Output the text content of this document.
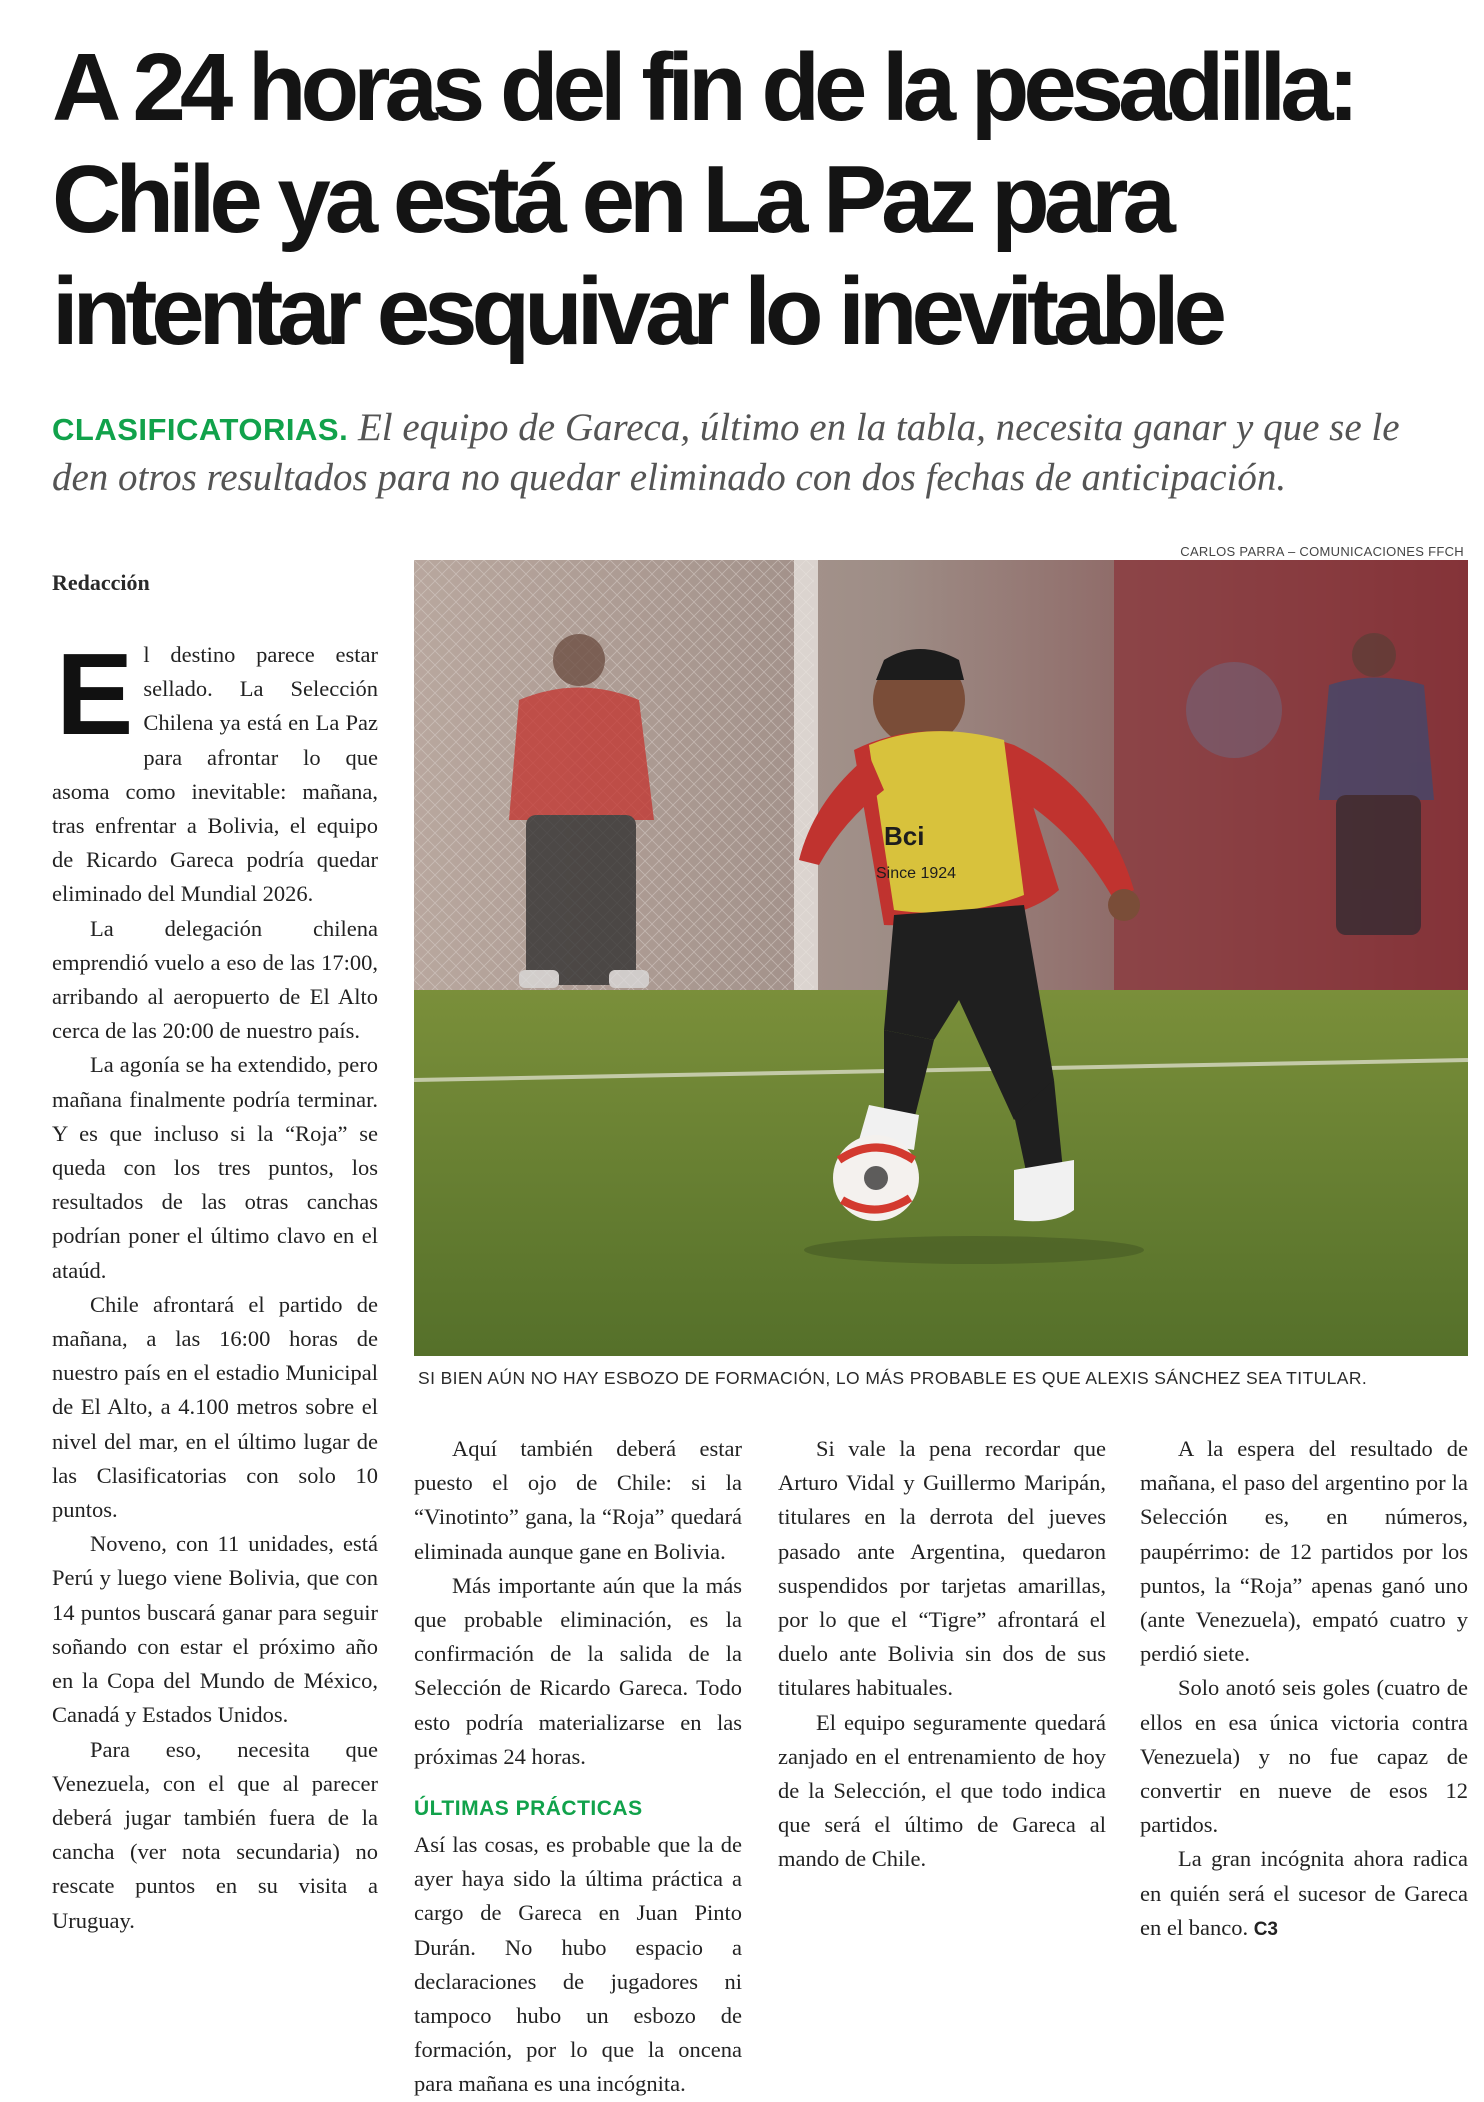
A 24 horas del fin de la pesadilla:
Chile ya está en La Paz para
intentar esquivar lo inevitable
CLASIFICATORIAS. El equipo de Gareca, último en la tabla, necesita ganar y que se le den otros resultados para no quedar eliminado con dos fechas de anticipación.
CARLOS PARRA – COMUNICACIONES FFCH
Bci
Since 1924
SI BIEN AÚN NO HAY ESBOZO DE FORMACIÓN, LO MÁS PROBABLE ES QUE ALEXIS SÁNCHEZ SEA TITULAR.
Redacción

El destino parece estar sellado. La Selección Chilena ya está en La Paz para afrontar lo que asoma como inevitable: mañana, tras enfrentar a Bolivia, el equipo de Ricardo Gareca podría quedar eliminado del Mundial 2026.

La delegación chilena emprendió vuelo a eso de las 17:00, arribando al aeropuerto de El Alto cerca de las 20:00 de nuestro país.

La agonía se ha extendido, pero mañana finalmente podría terminar. Y es que incluso si la “Roja” se queda con los tres puntos, los resultados de las otras canchas podrían poner el último clavo en el ataúd.

Chile afrontará el partido de mañana, a las 16:00 horas de nuestro país en el estadio Municipal de El Alto, a 4.100 metros sobre el nivel del mar, en el último lugar de las Clasificatorias con solo 10 puntos.

Noveno, con 11 unidades, está Perú y luego viene Bolivia, que con 14 puntos buscará ganar para seguir soñando con estar el próximo año en la Copa del Mundo de México, Canadá y Estados Unidos.

Para eso, necesita que Venezuela, con el que al parecer deberá jugar también fuera de la cancha (ver nota secundaria) no rescate puntos en su visita a Uruguay.

Aquí también deberá estar puesto el ojo de Chile: si la “Vinotinto” gana, la “Roja” quedará eliminada aunque gane en Bolivia.

Más importante aún que la más que probable eliminación, es la confirmación de la salida de la Selección de Ricardo Gareca. Todo esto podría materializarse en las próximas 24 horas.

ÚLTIMAS PRÁCTICAS

Así las cosas, es probable que la de ayer haya sido la última práctica a cargo de Gareca en Juan Pinto Durán. No hubo espacio a declaraciones de jugadores ni tampoco hubo un esbozo de formación, por lo que la oncena para mañana es una incógnita.

Si vale la pena recordar que Arturo Vidal y Guillermo Maripán, titulares en la derrota del jueves pasado ante Argentina, quedaron suspendidos por tarjetas amarillas, por lo que el “Tigre” afrontará el duelo ante Bolivia sin dos de sus titulares habituales.

El equipo seguramente quedará zanjado en el entrenamiento de hoy de la Selección, el que todo indica que será el último de Gareca al mando de Chile.

A la espera del resultado de mañana, el paso del argentino por la Selección es, en números, paupérrimo: de 12 partidos por los puntos, la “Roja” apenas ganó uno (ante Venezuela), empató cuatro y perdió siete.

Solo anotó seis goles (cuatro de ellos en esa única victoria contra Venezuela) y no fue capaz de convertir en nueve de esos 12 partidos.

La gran incógnita ahora radica en quién será el sucesor de Gareca en el banco. C3
